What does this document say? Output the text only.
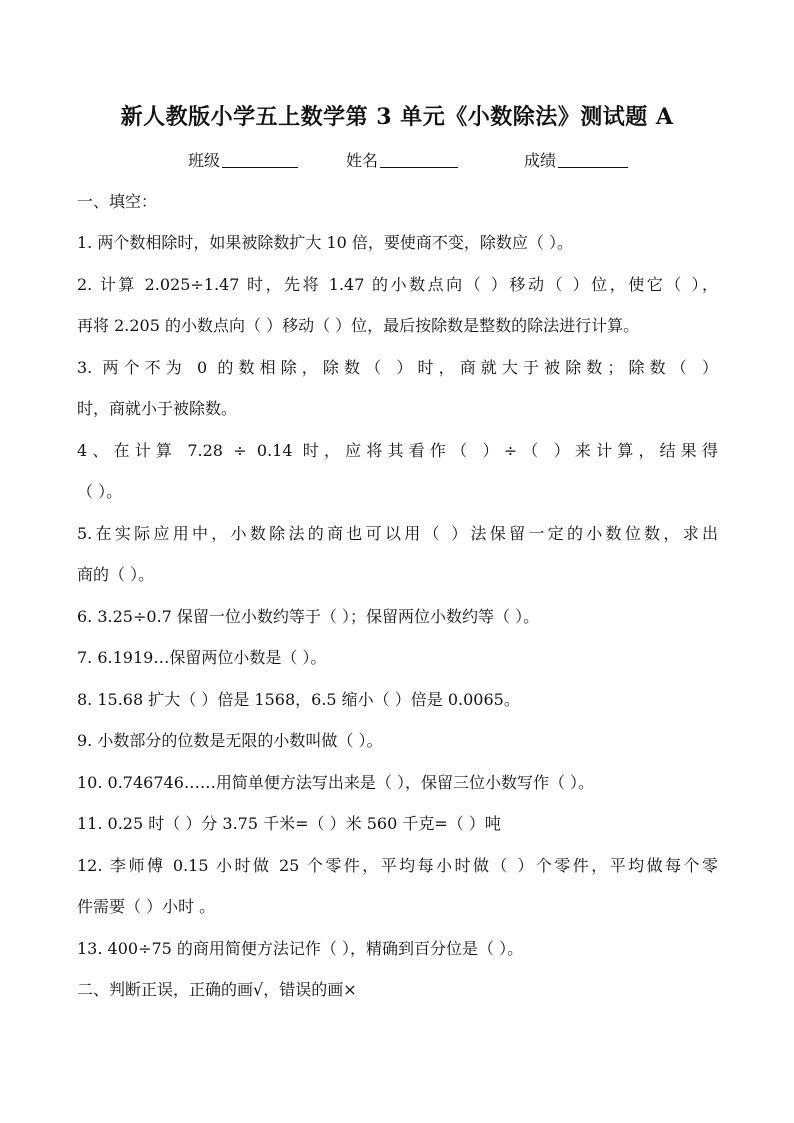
新人教版小学五上数学第 3 单元《小数除法》测试题 A
班级	姓名	成绩
一、填空：
1. 两个数相除时，如果被除数扩大 10 倍，要使商不变，除数应（ ）。
2. 计算 2.025÷1.47 时，先将 1.47 的小数点向（ ）移动（ ）位，使它（ ），
再将 2.205 的小数点向（ ）移动（ ）位，最后按除数是整数的除法进行计算。
3. 两个不为 0 的数相除，除数（ ）时，商就大于被除数；除数（ ）
时，商就小于被除数。
4、在计算 7.28 ÷ 0.14 时，应将其看作（ ）÷（ ）来计算，结果得
（ ）。
5.在实际应用中，小数除法的商也可以用（ ）法保留一定的小数位数，求出
商的（ ）。
6. 3.25÷0.7 保留一位小数约等于（ ）；保留两位小数约等（ ）。
7. 6.1919…保留两位小数是（ ）。
8. 15.68 扩大（ ）倍是 1568，6.5 缩小（ ）倍是 0.0065。
9. 小数部分的位数是无限的小数叫做（ ）。
10. 0.746746……用简单便方法写出来是（ ），保留三位小数写作（ ）。
11. 0.25 时（ ）分 3.75 千米=（ ）米 560 千克=（ ）吨
12. 李师傅 0.15 小时做 25 个零件，平均每小时做（ ）个零件，平均做每个零
件需要（ ）小时 。
13. 400÷75 的商用简便方法记作（ ），精确到百分位是（ ）。
二、判断正误，正确的画√，错误的画×
